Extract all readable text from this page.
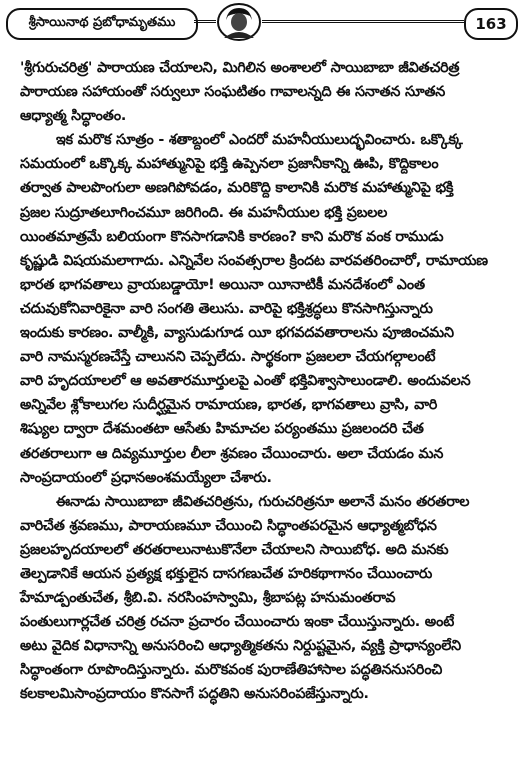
శ్రీసాయినాథ ప్రబోధామృతము	163
'శ్రీగురుచరిత్ర' పారాయణ చేయాలని, మిగిలిన అంశాలలో సాయిబాబా జీవితచరిత్ర
పారాయణ సహాయంతో సర్వులూ సంఘటితం గావాలన్నది ఈ సనాతన సూతన
ఆధ్యాత్మ సిద్ధాంతం.
ఇక మరొక సూత్రం - శతాబ్దంలో ఎందరో మహనీయులుద్భవించారు. ఒక్కొక్క
సమయంలో ఒక్కొక్క మహాత్మునిపై భక్తి ఉప్పెనలా ప్రజానీకాన్ని ఊపి, కొద్దికాలం
తర్వాత పాలపొంగులా అణగిపోవడం, మరికొద్ది కాలానికి మరొక మహాత్మునిపై భక్తి
ప్రజల సుద్రూతలూగించమూ జరిగింది. ఈ మహనీయుల భక్తి ప్రబలల
యింతమాత్రమే బలియంగా కొనసాగడానికి కారణం? కాని మరొక వంక రాముడు
కృష్ణుడి విషయమలాగాదు. ఎన్నివేల సంవత్సరాల క్రిందట వారవతరించారో, రామాయణ
భారత భాగవతాలు వ్రాయబడ్డాయో! అయినా యీనాటికీ మనదేశంలో ఎంత
చదువుకోనివారికైనా వారి సంగతి తెలుసు. వారిపై భక్తిశ్రద్ధలు కొనసాగిస్తున్నారు
ఇందుకు కారణం. వాల్మీకి, వ్యాసుడుగూడ యీ భగవదవతారాలను పూజించమని
వారి నామస్మరణచేస్తే చాలునని చెప్పలేదు. సార్థకంగా ప్రజలలా చేయగల్గాలంటే
వారి హృదయాలలో ఆ అవతారమూర్తులపై ఎంతో భక్తివిశ్వాసాలుండాలి. అందువలన
అన్నివేల శ్లోకాలుగల సుదీర్ఘమైన రామాయణ, భారత, భాగవతాలు వ్రాసి, వారి
శిష్యుల ద్వారా దేశమంతటా ఆసేతు హిమాచల పర్యంతము ప్రజలందరి చేత
తరతరాలుగా ఆ దివ్యమూర్తుల లీలా శ్రవణం చేయించారు. అలా చేయడం మన
సాంప్రదాయంలో ప్రధానఅంశమయ్యేలా చేశారు.
ఈనాడు సాయిబాబా జీవితచరిత్రను, గురుచరిత్రనూ అలానే మనం తరతరాల
వారిచేత శ్రవణము, పారాయణమూ చేయించి సిద్ధాంతపరమైన ఆధ్యాత్మబోధన
ప్రజలహృదయాలలో తరతరాలునాటుకొనేలా చేయాలని సాయిబోధ. అది మనకు
తెల్పడానికే ఆయన ప్రత్యక్ష భక్తులైన దాసగణుచేత హరికథాగానం చేయించారు
హేమాడ్పంతుచేత, శ్రీబి.వి. నరసింహస్వామి, శ్రీబాపట్ల హనుమంతరావ
పంతులుగార్లచేత చరిత్ర రచనా ప్రచారం చేయించారు ఇంకా చేయిస్తున్నారు. అంటే
అటు వైదిక విధానాన్ని అనుసరించి ఆధ్యాత్మికతను నిర్దుష్టమైన, వ్యక్తి ప్రాధాన్యంలేని
సిద్ధాంతంగా రూపొందిస్తున్నారు. మరొకవంక పురాణేతిహాసాల పద్ధతిననుసరించి
కలకాలమిసాంప్రదాయం కొనసాగే పద్ధతిని అనుసరింపజేస్తున్నారు.
